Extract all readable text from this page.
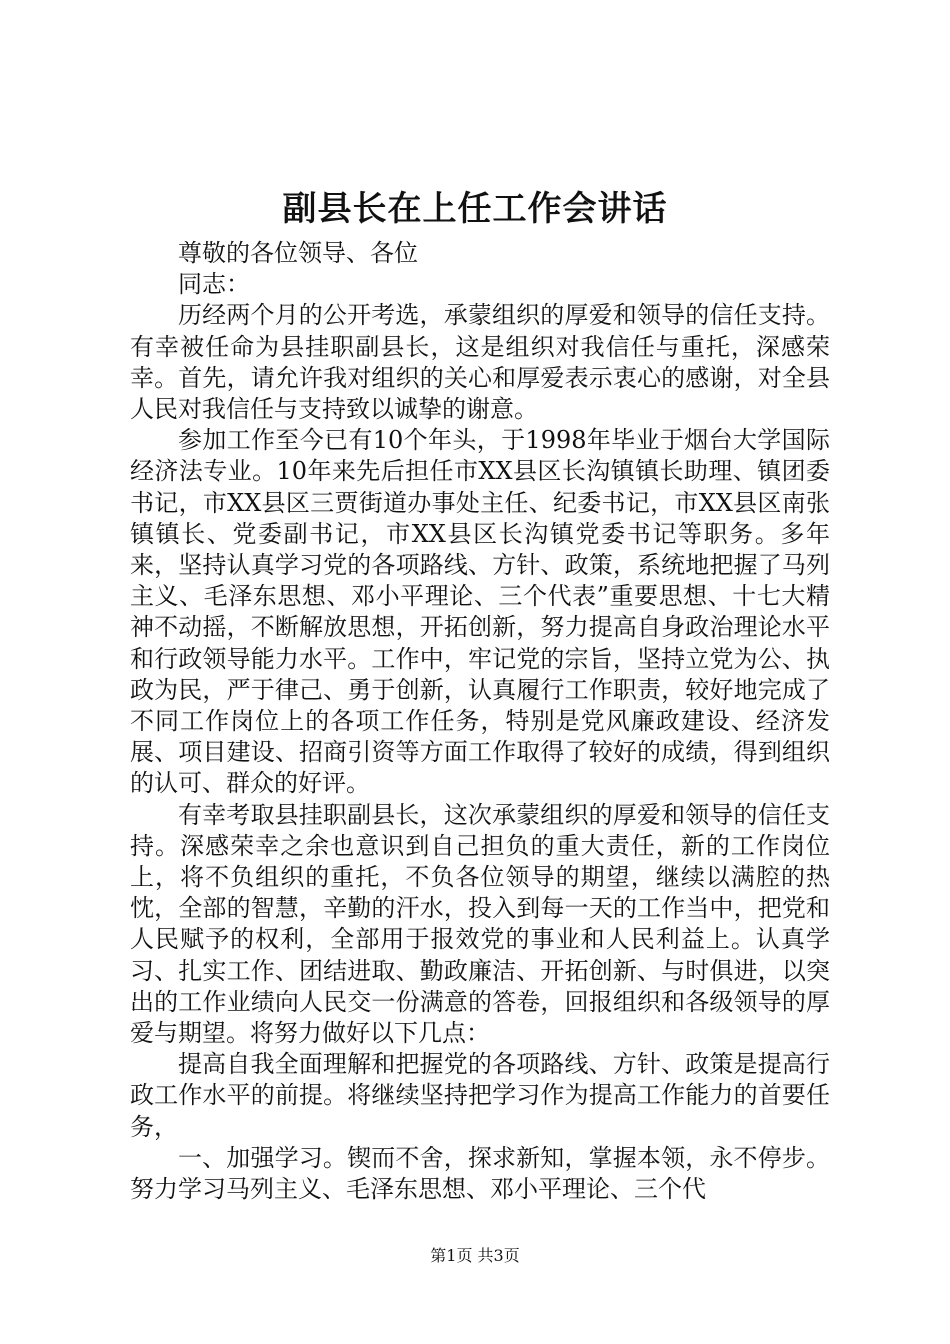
副县长在上任工作会讲话

尊敬的各位领导、各位

同志：

历经两个月的公开考选，承蒙组织的厚爱和领导的信任支持。有幸被任命为县挂职副县长，这是组织对我信任与重托，深感荣幸。首先，请允许我对组织的关心和厚爱表示衷心的感谢，对全县人民对我信任与支持致以诚挚的谢意。

参加工作至今已有10个年头，于1998年毕业于烟台大学国际经济法专业。10年来先后担任市XX县区长沟镇镇长助理、镇团委书记，市XX县区三贾街道办事处主任、纪委书记，市XX县区南张镇镇长、党委副书记，市XX县区长沟镇党委书记等职务。多年来，坚持认真学习党的各项路线、方针、政策，系统地把握了马列主义、毛泽东思想、邓小平理论、三个代表”重要思想、十七大精神不动摇，不断解放思想，开拓创新，努力提高自身政治理论水平和行政领导能力水平。工作中，牢记党的宗旨，坚持立党为公、执政为民，严于律己、勇于创新，认真履行工作职责，较好地完成了不同工作岗位上的各项工作任务，特别是党风廉政建设、经济发展、项目建设、招商引资等方面工作取得了较好的成绩，得到组织的认可、群众的好评。

有幸考取县挂职副县长，这次承蒙组织的厚爱和领导的信任支持。深感荣幸之余也意识到自己担负的重大责任，新的工作岗位上，将不负组织的重托，不负各位领导的期望，继续以满腔的热忱，全部的智慧，辛勤的汗水，投入到每一天的工作当中，把党和人民赋予的权利，全部用于报效党的事业和人民利益上。认真学习、扎实工作、团结进取、勤政廉洁、开拓创新、与时俱进，以突出的工作业绩向人民交一份满意的答卷，回报组织和各级领导的厚爱与期望。将努力做好以下几点：

提高自我全面理解和把握党的各项路线、方针、政策是提高行政工作水平的前提。将继续坚持把学习作为提高工作能力的首要任务，

一、加强学习。锲而不舍，探求新知，掌握本领，永不停步。努力学习马列主义、毛泽东思想、邓小平理论、三个代

第1页 共3页
